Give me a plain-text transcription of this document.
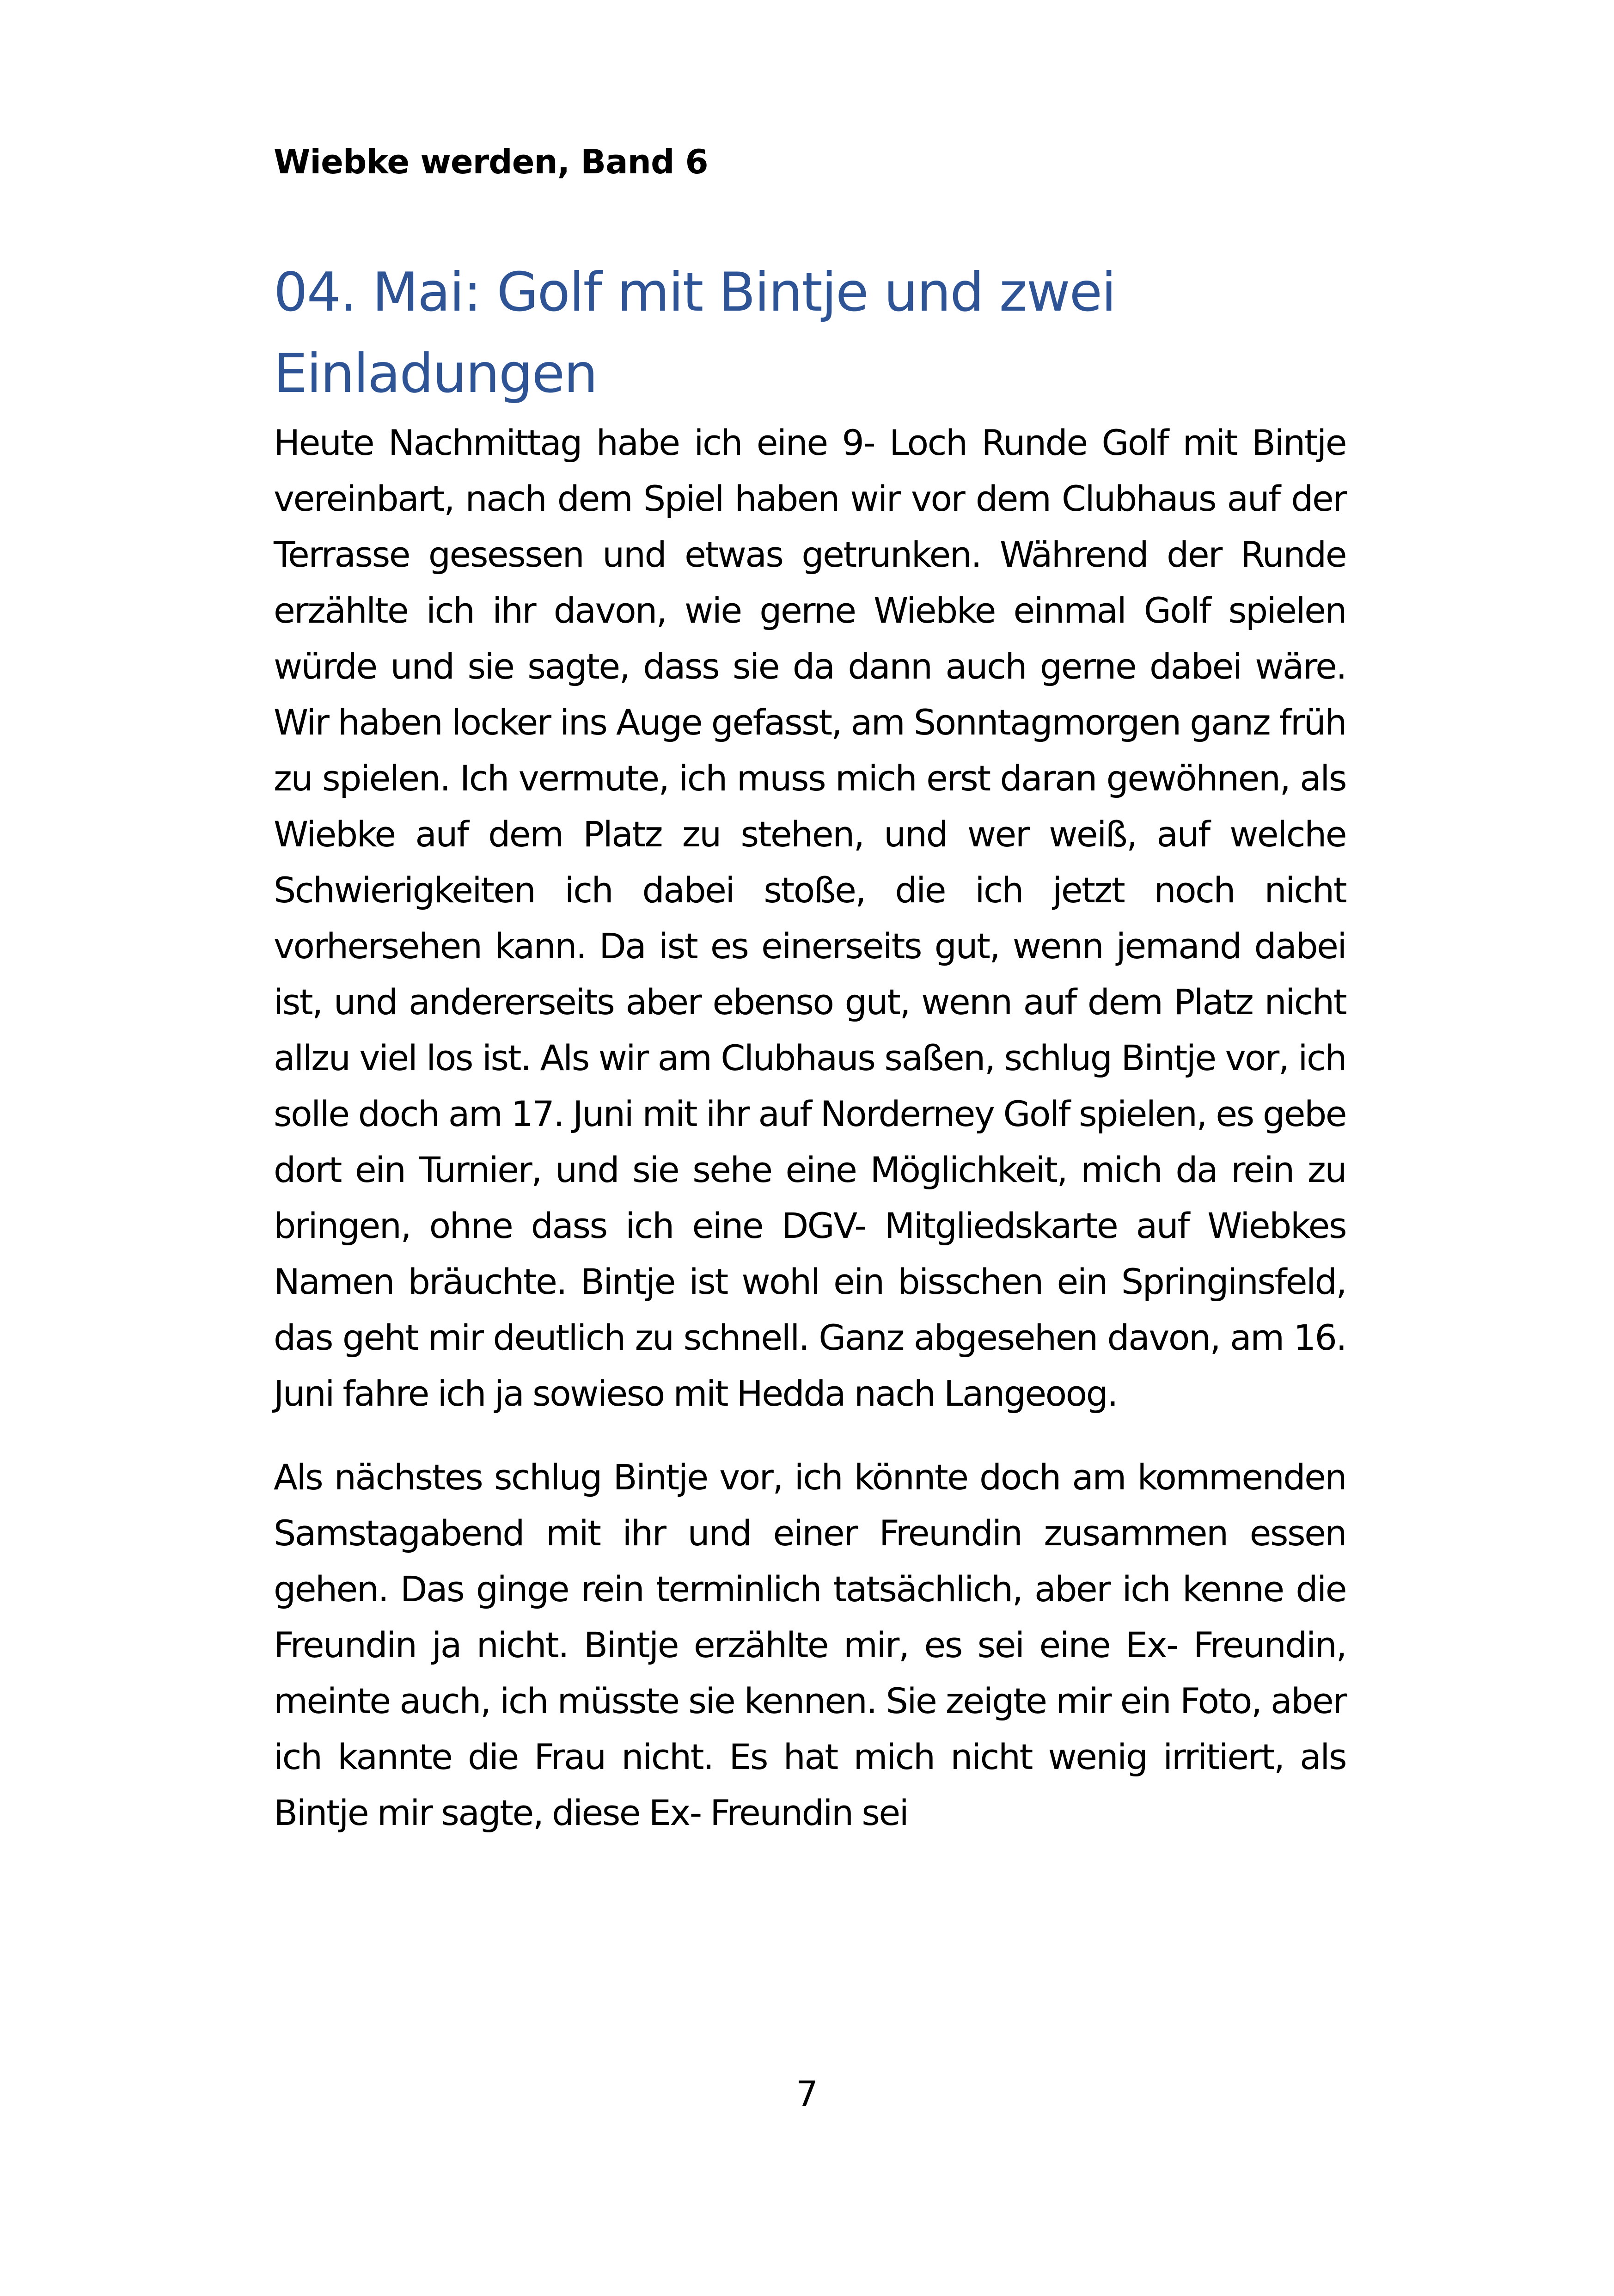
Wiebke werden, Band 6

04. Mai: Golf mit Bintje und zwei Einladungen

Heute Nachmittag habe ich eine 9- Loch Runde Golf mit Bintje vereinbart, nach dem Spiel haben wir vor dem Clubhaus auf der Terrasse gesessen und etwas getrunken. Während der Runde erzählte ich ihr davon, wie gerne Wiebke einmal Golf spielen würde und sie sagte, dass sie da dann auch gerne dabei wäre. Wir haben locker ins Auge gefasst, am Sonntagmorgen ganz früh zu spielen. Ich vermute, ich muss mich erst daran gewöhnen, als Wiebke auf dem Platz zu stehen, und wer weiß, auf welche Schwierigkeiten ich dabei stoße, die ich jetzt noch nicht vorhersehen kann. Da ist es einerseits gut, wenn jemand dabei ist, und andererseits aber ebenso gut, wenn auf dem Platz nicht allzu viel los ist. Als wir am Clubhaus saßen, schlug Bintje vor, ich solle doch am 17. Juni mit ihr auf Norderney Golf spielen, es gebe dort ein Turnier, und sie sehe eine Möglichkeit, mich da rein zu bringen, ohne dass ich eine DGV- Mitgliedskarte auf Wiebkes Namen bräuchte. Bintje ist wohl ein bisschen ein Springinsfeld, das geht mir deutlich zu schnell. Ganz abgesehen davon, am 16. Juni fahre ich ja sowieso mit Hedda nach Langeoog.

Als nächstes schlug Bintje vor, ich könnte doch am kommenden Samstagabend mit ihr und einer Freundin zusammen essen gehen. Das ginge rein terminlich tatsächlich, aber ich kenne die Freundin ja nicht. Bintje erzählte mir, es sei eine Ex- Freundin, meinte auch, ich müsste sie kennen. Sie zeigte mir ein Foto, aber ich kannte die Frau nicht. Es hat mich nicht wenig irritiert, als Bintje mir sagte, diese Ex- Freundin sei

7
